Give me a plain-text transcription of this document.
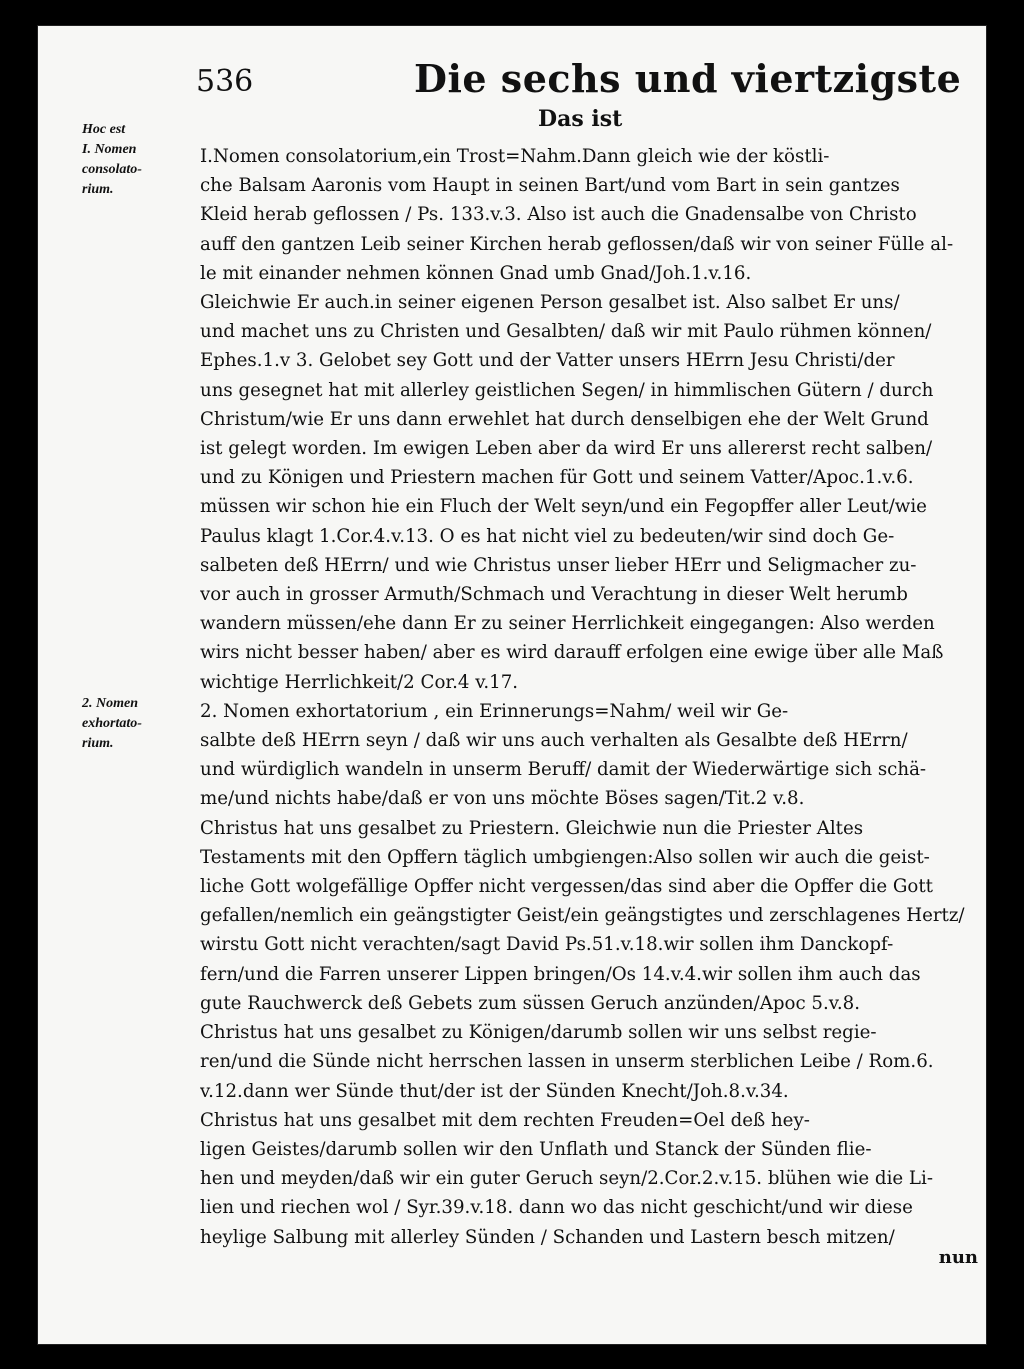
536	Die sechs und viertzigste
Das ist
Hoc est
I. Nomen
consolato-
rium.
2. Nomen
exhortato-
rium.
I.Nomen consolatorium,ein Trost=Nahm.Dann gleich wie der köstli-
che Balsam Aaronis vom Haupt in seinen Bart/und vom Bart in sein gantzes
Kleid herab geflossen / Ps. 133.v.3. Also ist auch die Gnadensalbe von Christo
auff den gantzen Leib seiner Kirchen herab geflossen/daß wir von seiner Fülle al-
le mit einander nehmen können Gnad umb Gnad/Joh.1.v.16.
Gleichwie Er auch.in seiner eigenen Person gesalbet ist. Also salbet Er uns/
und machet uns zu Christen und Gesalbten/ daß wir mit Paulo rühmen können/
Ephes.1.v 3. Gelobet sey Gott und der Vatter unsers HErrn Jesu Christi/der
uns gesegnet hat mit allerley geistlichen Segen/ in himmlischen Gütern / durch
Christum/wie Er uns dann erwehlet hat durch denselbigen ehe der Welt Grund
ist gelegt worden. Im ewigen Leben aber da wird Er uns allererst recht salben/
und zu Königen und Priestern machen für Gott und seinem Vatter/Apoc.1.v.6.
müssen wir schon hie ein Fluch der Welt seyn/und ein Fegopffer aller Leut/wie
Paulus klagt 1.Cor.4.v.13. O es hat nicht viel zu bedeuten/wir sind doch Ge-
salbeten deß HErrn/ und wie Christus unser lieber HErr und Seligmacher zu-
vor auch in grosser Armuth/Schmach und Verachtung in dieser Welt herumb
wandern müssen/ehe dann Er zu seiner Herrlichkeit eingegangen: Also werden
wirs nicht besser haben/ aber es wird darauff erfolgen eine ewige über alle Maß
wichtige Herrlichkeit/2 Cor.4 v.17.
2. Nomen exhortatorium , ein Erinnerungs=Nahm/ weil wir Ge-
salbte deß HErrn seyn / daß wir uns auch verhalten als Gesalbte deß HErrn/
und würdiglich wandeln in unserm Beruff/ damit der Wiederwärtige sich schä-
me/und nichts habe/daß er von uns möchte Böses sagen/Tit.2 v.8.
Christus hat uns gesalbet zu Priestern. Gleichwie nun die Priester Altes
Testaments mit den Opffern täglich umbgiengen:Also sollen wir auch die geist-
liche Gott wolgefällige Opffer nicht vergessen/das sind aber die Opffer die Gott
gefallen/nemlich ein geängstigter Geist/ein geängstigtes und zerschlagenes Hertz/
wirstu Gott nicht verachten/sagt David Ps.51.v.18.wir sollen ihm Danckopf-
fern/und die Farren unserer Lippen bringen/Os 14.v.4.wir sollen ihm auch das
gute Rauchwerck deß Gebets zum süssen Geruch anzünden/Apoc 5.v.8.
Christus hat uns gesalbet zu Königen/darumb sollen wir uns selbst regie-
ren/und die Sünde nicht herrschen lassen in unserm sterblichen Leibe / Rom.6.
v.12.dann wer Sünde thut/der ist der Sünden Knecht/Joh.8.v.34.
Christus hat uns gesalbet mit dem rechten Freuden=Oel deß hey-
ligen Geistes/darumb sollen wir den Unflath und Stanck der Sünden flie-
hen und meyden/daß wir ein guter Geruch seyn/2.Cor.2.v.15. blühen wie die Li-
lien und riechen wol / Syr.39.v.18. dann wo das nicht geschicht/und wir diese
heylige Salbung mit allerley Sünden / Schanden und Lastern besch mitzen/
nun
